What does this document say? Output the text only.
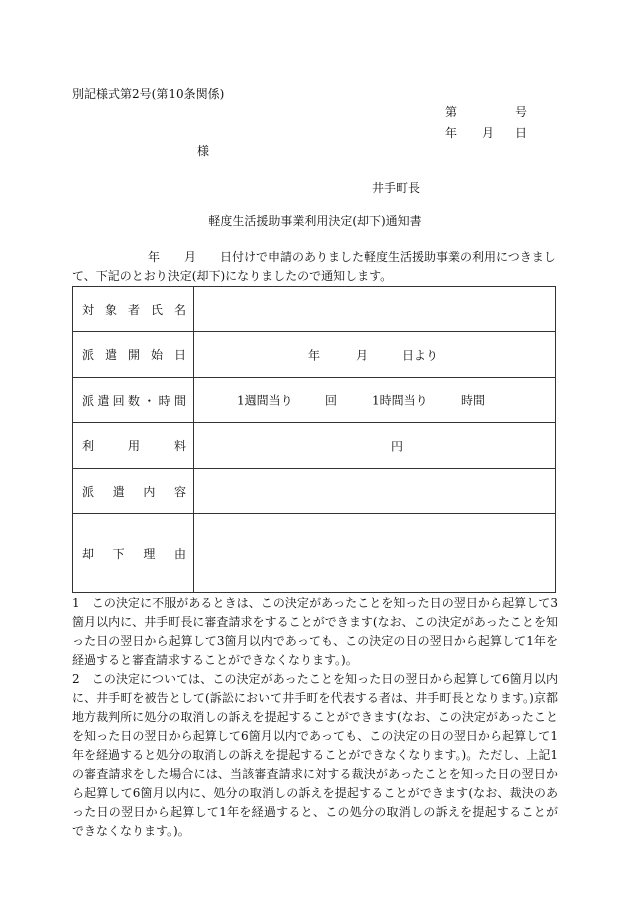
別記様式第2号(第10条関係)
第	号
年 月 日
様
井手町長
軽度生活援助事業利用決定(却下)通知書
年 月 日付けで申請のありました軽度生活援助事業の利用につきまし
て、下記のとおり決定(却下)になりましたので通知します。
対象者氏名	
派遣開始日	年 月 日より

派遣回数・時間	1週間当り 回 1時間当り 時間

利用料	円

派遣内容	
却下理由	
1　 この決定に不服があるときは、この決定があったことを知った日の翌日から起算して3箇月以内に、井手町長に審査請求をすることができます(なお、この決定があったことを知った日の翌日から起算して3箇月以内であっても、この決定の日の翌日から起算して1年を経過すると審査請求することができなくなります。)。
2　 この決定については、この決定があったことを知った日の翌日から起算して6箇月以内に、井手町を被告として(訴訟において井手町を代表する者は、井手町長となります。)京都地方裁判所に処分の取消しの訴えを提起することができます(なお、この決定があったことを知った日の翌日から起算して6箇月以内であっても、この決定の日の翌日から起算して1年を経過すると処分の取消しの訴えを提起することができなくなります。)。ただし、上記1の審査請求をした場合には、当該審査請求に対する裁決があったことを知った日の翌日から起算して6箇月以内に、処分の取消しの訴えを提起することができます(なお、裁決のあった日の翌日から起算して1年を経過すると、この処分の取消しの訴えを提起することができなくなります。)。
